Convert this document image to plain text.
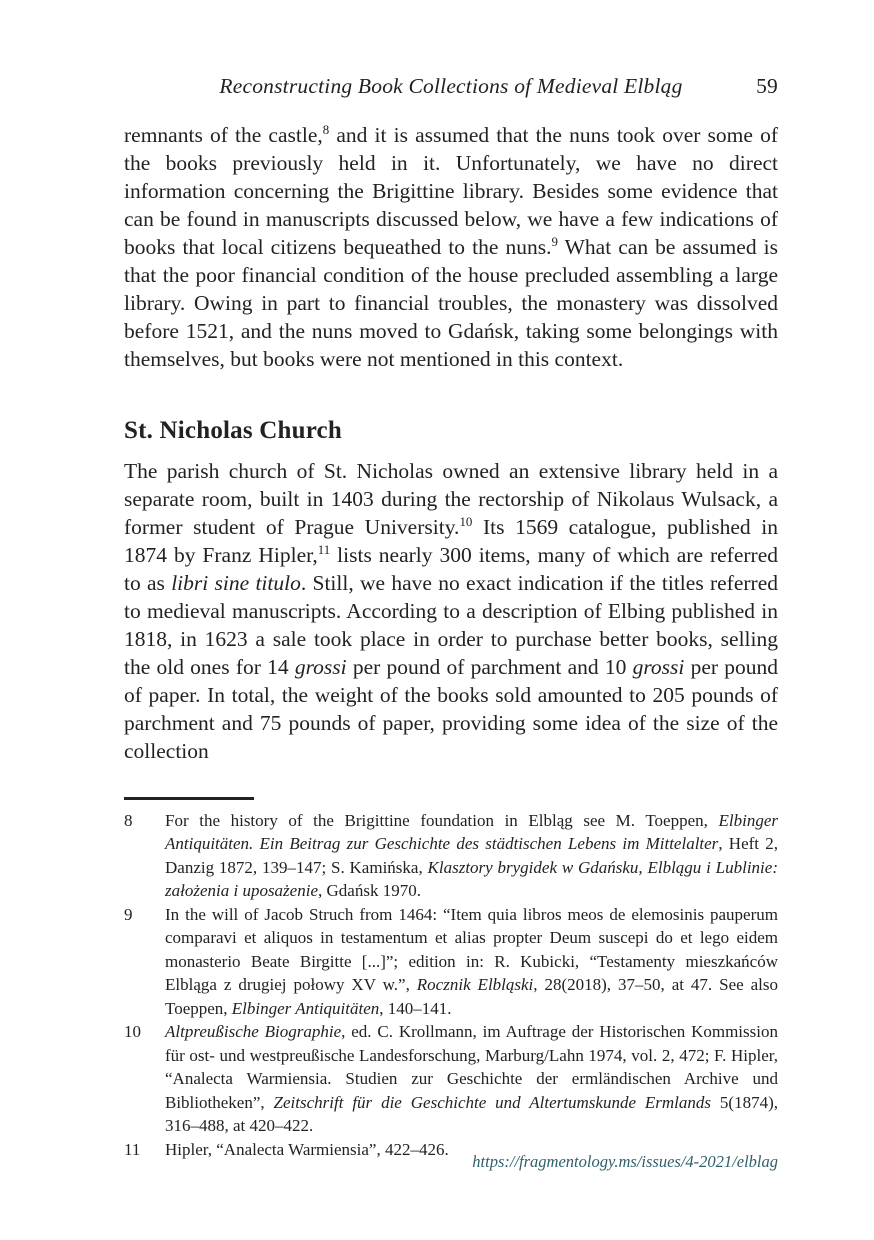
Reconstructing Book Collections of Medieval Elbląg	59
remnants of the castle,$^8$ and it is assumed that the nuns took over some of the books previously held in it. Unfortunately, we have no direct information concerning the Brigittine library. Besides some evidence that can be found in manuscripts discussed below, we have a few indications of books that local citizens bequeathed to the nuns.$^9$ What can be assumed is that the poor financial condition of the house precluded assembling a large library. Owing in part to financial troubles, the monastery was dissolved before 1521, and the nuns moved to Gdańsk, taking some belongings with themselves, but books were not mentioned in this context.
St. Nicholas Church
The parish church of St. Nicholas owned an extensive library held in a separate room, built in 1403 during the rectorship of Nikolaus Wulsack, a former student of Prague University.$^{10}$ Its 1569 catalogue, published in 1874 by Franz Hipler,$^{11}$ lists nearly 300 items, many of which are referred to as libri sine titulo. Still, we have no exact indication if the titles referred to medieval manuscripts. According to a description of Elbing published in 1818, in 1623 a sale took place in order to purchase better books, selling the old ones for 14 grossi per pound of parchment and 10 grossi per pound of paper. In total, the weight of the books sold amounted to 205 pounds of parchment and 75 pounds of paper, providing some idea of the size of the collection
8	For the history of the Brigittine foundation in Elbląg see M. Toeppen, Elbinger Antiquitäten. Ein Beitrag zur Geschichte des städtischen Lebens im Mittelalter, Heft 2, Danzig 1872, 139–147; S. Kamińska, Klasztory brygidek w Gdańsku, Elblągu i Lublinie: założenia i uposażenie, Gdańsk 1970.
9	In the will of Jacob Struch from 1464: “Item quia libros meos de elemosinis pauperum comparavi et aliquos in testamentum et alias propter Deum suscepi do et lego eidem monasterio Beate Birgitte [...]”; edition in: R. Kubicki, “Testamenty mieszkańców Elbląga z drugiej połowy XV w.”, Rocznik Elbląski, 28(2018), 37–50, at 47. See also Toeppen, Elbinger Antiquitäten, 140–141.
10	Altpreußische Biographie, ed. C. Krollmann, im Auftrage der Historischen Kommission für ost- und westpreußische Landesforschung, Marburg/Lahn 1974, vol. 2, 472; F. Hipler, “Analecta Warmiensia. Studien zur Geschichte der ermländischen Archive und Bibliotheken”, Zeitschrift für die Geschichte und Altertumskunde Ermlands 5(1874), 316–488, at 420–422.
11	Hipler, “Analecta Warmiensia”, 422–426.
https://fragmentology.ms/issues/4-2021/elblag
